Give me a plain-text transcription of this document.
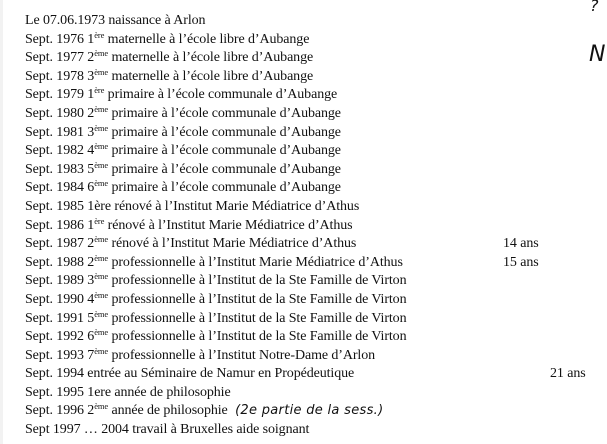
Le 07.06.1973 naissance à Arlon
Sept. 1976 1ère maternelle à l’école libre d’Aubange
Sept. 1977 2ème maternelle à l’école libre d’Aubange
Sept. 1978 3ème maternelle à l’école libre d’Aubange
Sept. 1979 1ère primaire à l’école communale d’Aubange
Sept. 1980 2ème primaire à l’école communale d’Aubange
Sept. 1981 3ème primaire à l’école communale d’Aubange
Sept. 1982 4ème primaire à l’école communale d’Aubange
Sept. 1983 5ème primaire à l’école communale d’Aubange
Sept. 1984 6ème primaire à l’école communale d’Aubange
Sept. 1985 1ère rénové à l’Institut Marie Médiatrice d’Athus
Sept. 1986 1ère rénové à l’Institut Marie Médiatrice d’Athus
Sept. 1987 2ème rénové à l’Institut Marie Médiatrice d’Athus	14 ans
Sept. 1988 2ème professionnelle à l’Institut Marie Médiatrice d’Athus	15 ans
Sept. 1989 3ème professionnelle à l’Institut de la Ste Famille de Virton
Sept. 1990 4ème professionnelle à l’Institut de la Ste Famille de Virton
Sept. 1991 5ème professionnelle à l’Institut de la Ste Famille de Virton
Sept. 1992 6ème professionnelle à l’Institut de la Ste Famille de Virton
Sept. 1993 7ème professionnelle à l’Institut Notre-Dame d’Arlon
Sept. 1994 entrée au Séminaire de Namur en Propédeutique	21 ans
Sept. 1995 1ere année de philosophie
Sept. 1996 2ème année de philosophie (2e partie de la sess.)
Sept 1997 … 2004 travail à Bruxelles aide soignant
?
N
